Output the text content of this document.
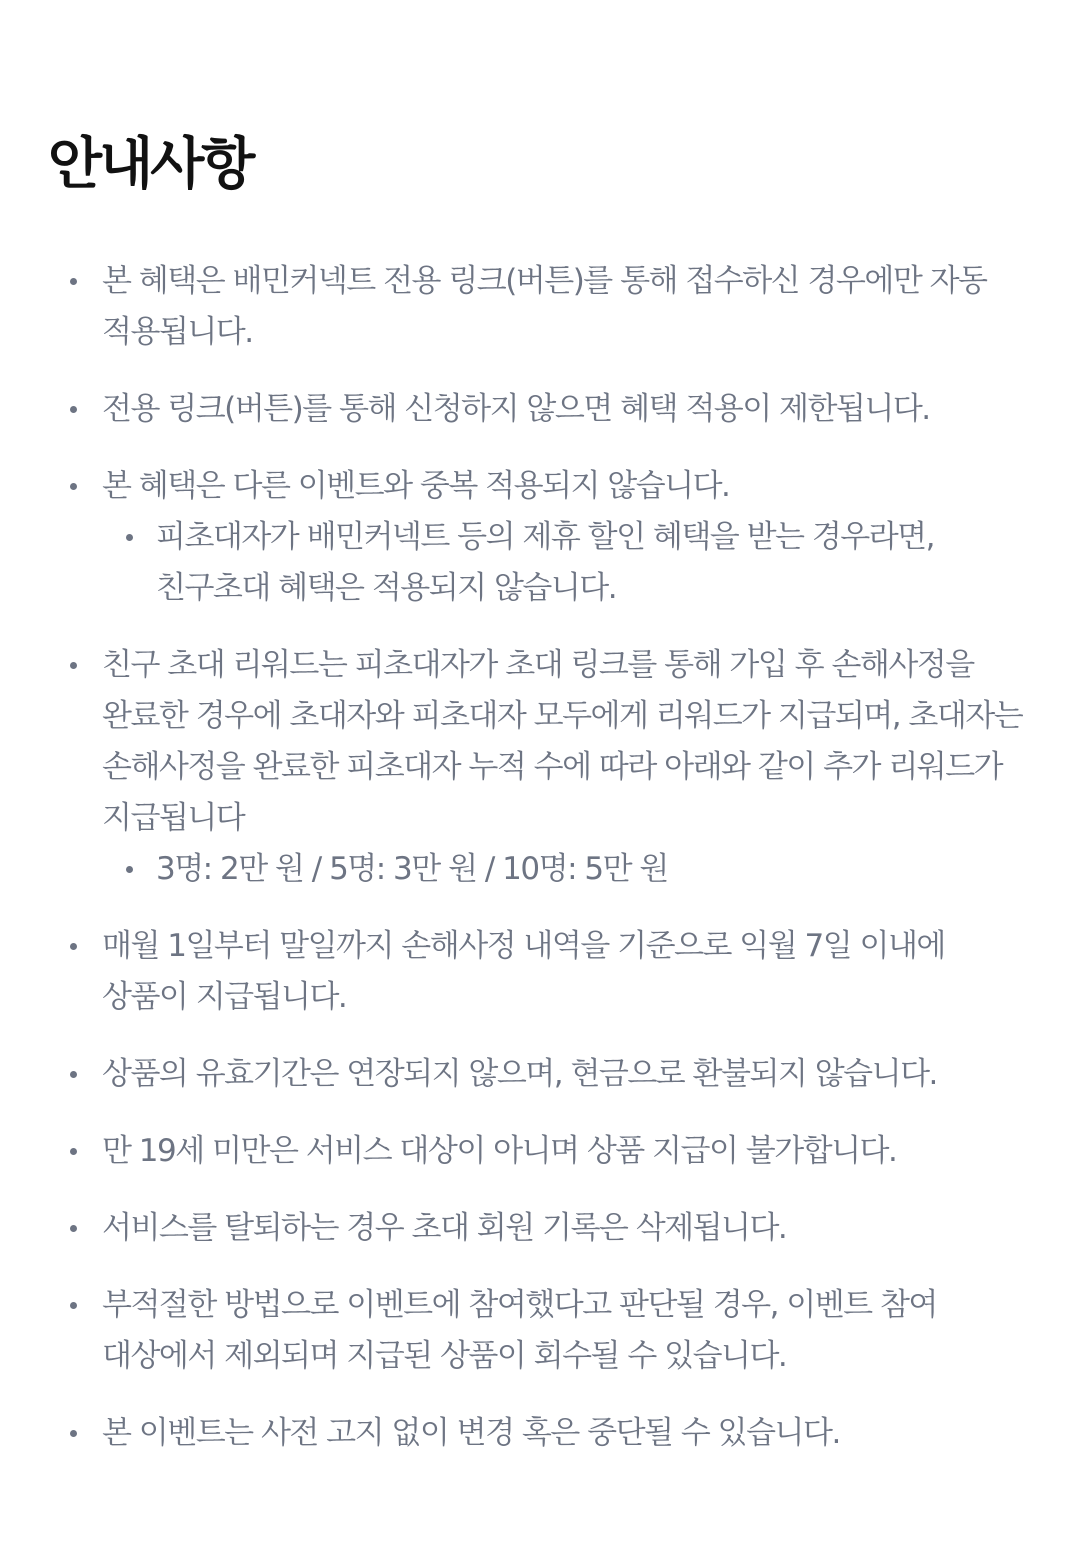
안내사항
본 혜택은 배민커넥트 전용 링크(버튼)를 통해 접수하신 경우에만 자동 적용됩니다.
전용 링크(버튼)를 통해 신청하지 않으면 혜택 적용이 제한됩니다.
본 혜택은 다른 이벤트와 중복 적용되지 않습니다.
피초대자가 배민커넥트 등의 제휴 할인 혜택을 받는 경우라면, 친구초대 혜택은 적용되지 않습니다.
친구 초대 리워드는 피초대자가 초대 링크를 통해 가입 후 손해사정을 완료한 경우에 초대자와 피초대자 모두에게 리워드가 지급되며, 초대자는 손해사정을 완료한 피초대자 누적 수에 따라 아래와 같이 추가 리워드가 지급됩니다
3명: 2만 원 / 5명: 3만 원 / 10명: 5만 원
매월 1일부터 말일까지 손해사정 내역을 기준으로 익월 7일 이내에 상품이 지급됩니다.
상품의 유효기간은 연장되지 않으며, 현금으로 환불되지 않습니다.
만 19세 미만은 서비스 대상이 아니며 상품 지급이 불가합니다.
서비스를 탈퇴하는 경우 초대 회원 기록은 삭제됩니다.
부적절한 방법으로 이벤트에 참여했다고 판단될 경우, 이벤트 참여 대상에서 제외되며 지급된 상품이 회수될 수 있습니다.
본 이벤트는 사전 고지 없이 변경 혹은 중단될 수 있습니다.
